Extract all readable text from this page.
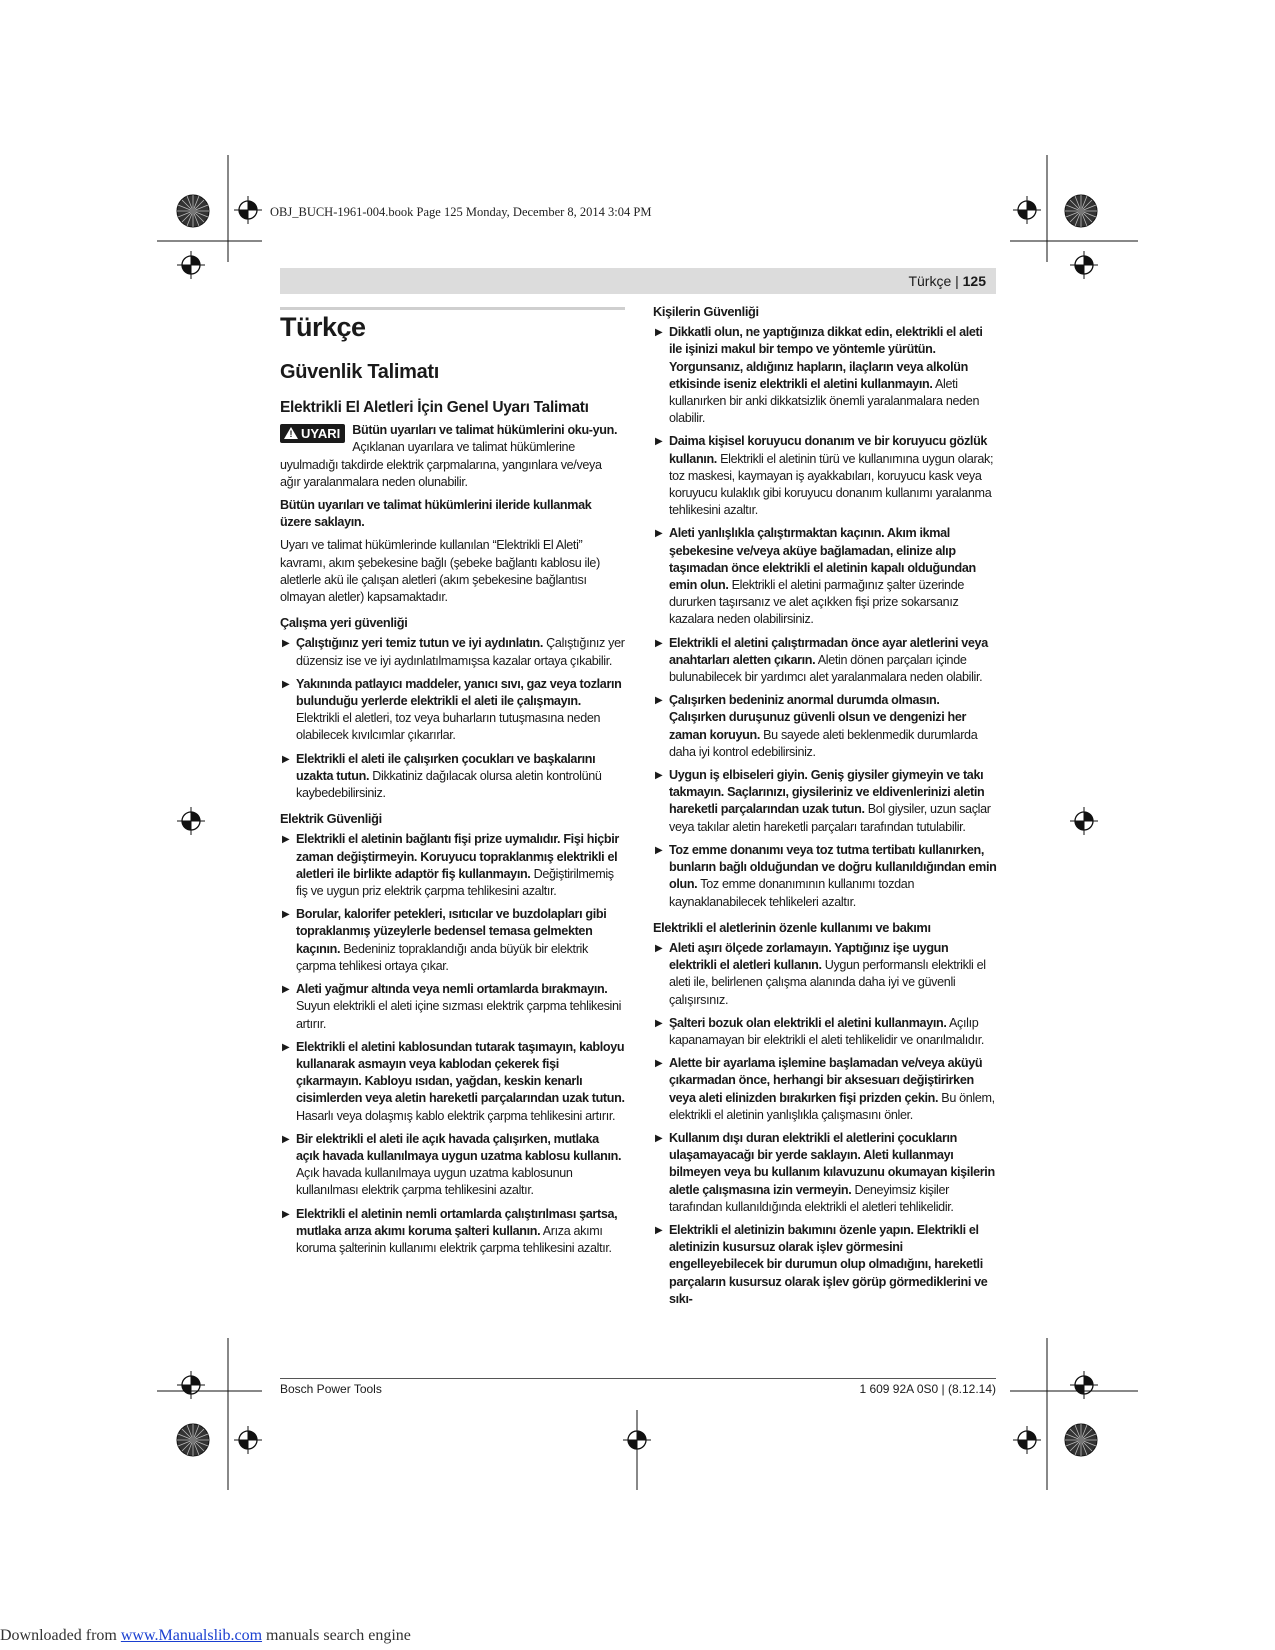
OBJ_BUCH-1961-004.book Page 125 Monday, December 8, 2014 3:04 PM
Türkçe | 125
Türkçe
Güvenlik Talimatı
Elektrikli El Aletleri İçin Genel Uyarı Talimatı

! UYARI Bütün uyarıları ve talimat hükümlerini oku-yun. Açıklanan uyarılara ve talimat hükümlerine uyulmadığı takdirde elektrik çarpmalarına, yangınlara ve/veya ağır yaralanmalara neden olunabilir.

Bütün uyarıları ve talimat hükümlerini ileride kullanmak üzere saklayın.

Uyarı ve talimat hükümlerinde kullanılan “Elektrikli El Aleti” kavramı, akım şebekesine bağlı (şebeke bağlantı kablosu ile) aletlerle akü ile çalışan aletleri (akım şebekesine bağlantısı olmayan aletler) kapsamaktadır.

Çalışma yeri güvenliği
▶ Çalıştığınız yeri temiz tutun ve iyi aydınlatın. Çalıştığınız yer düzensiz ise ve iyi aydınlatılmamışsa kazalar ortaya çıkabilir.
▶ Yakınında patlayıcı maddeler, yanıcı sıvı, gaz veya tozların bulunduğu yerlerde elektrikli el aleti ile çalışmayın. Elektrikli el aletleri, toz veya buharların tutuşmasına neden olabilecek kıvılcımlar çıkarırlar.
▶ Elektrikli el aleti ile çalışırken çocukları ve başkalarını uzakta tutun. Dikkatiniz dağılacak olursa aletin kontrolünü kaybedebilirsiniz.
Elektrik Güvenliği
▶ Elektrikli el aletinin bağlantı fişi prize uymalıdır. Fişi hiçbir zaman değiştirmeyin. Koruyucu topraklanmış elektrikli el aletleri ile birlikte adaptör fiş kullanmayın. Değiştirilmemiş fiş ve uygun priz elektrik çarpma tehlikesini azaltır.
▶ Borular, kalorifer petekleri, ısıtıcılar ve buzdolapları gibi topraklanmış yüzeylerle bedensel temasa gelmekten kaçının. Bedeniniz topraklandığı anda büyük bir elektrik çarpma tehlikesi ortaya çıkar.
▶ Aleti yağmur altında veya nemli ortamlarda bırakmayın. Suyun elektrikli el aleti içine sızması elektrik çarpma tehlikesini artırır.
▶ Elektrikli el aletini kablosundan tutarak taşımayın, kabloyu kullanarak asmayın veya kablodan çekerek fişi çıkarmayın. Kabloyu ısıdan, yağdan, keskin kenarlı cisimlerden veya aletin hareketli parçalarından uzak tutun. Hasarlı veya dolaşmış kablo elektrik çarpma tehlikesini artırır.
▶ Bir elektrikli el aleti ile açık havada çalışırken, mutlaka açık havada kullanılmaya uygun uzatma kablosu kullanın. Açık havada kullanılmaya uygun uzatma kablosunun kullanılması elektrik çarpma tehlikesini azaltır.
▶ Elektrikli el aletinin nemli ortamlarda çalıştırılması şartsa, mutlaka arıza akımı koruma şalteri kullanın. Arıza akımı koruma şalterinin kullanımı elektrik çarpma tehlikesini azaltır.
Kişilerin Güvenliği
▶ Dikkatli olun, ne yaptığınıza dikkat edin, elektrikli el aleti ile işinizi makul bir tempo ve yöntemle yürütün. Yorgunsanız, aldığınız hapların, ilaçların veya alkolün etkisinde iseniz elektrikli el aletini kullanmayın. Aleti kullanırken bir anki dikkatsizlik önemli yaralanmalara neden olabilir.
▶ Daima kişisel koruyucu donanım ve bir koruyucu gözlük kullanın. Elektrikli el aletinin türü ve kullanımına uygun olarak; toz maskesi, kaymayan iş ayakkabıları, koruyucu kask veya koruyucu kulaklık gibi koruyucu donanım kullanımı yaralanma tehlikesini azaltır.
▶ Aleti yanlışlıkla çalıştırmaktan kaçının. Akım ikmal şebekesine ve/veya aküye bağlamadan, elinize alıp taşımadan önce elektrikli el aletinin kapalı olduğundan emin olun. Elektrikli el aletini parmağınız şalter üzerinde dururken taşırsanız ve alet açıkken fişi prize sokarsanız kazalara neden olabilirsiniz.
▶ Elektrikli el aletini çalıştırmadan önce ayar aletlerini veya anahtarları aletten çıkarın. Aletin dönen parçaları içinde bulunabilecek bir yardımcı alet yaralanmalara neden olabilir.
▶ Çalışırken bedeniniz anormal durumda olmasın. Çalışırken duruşunuz güvenli olsun ve dengenizi her zaman koruyun. Bu sayede aleti beklenmedik durumlarda daha iyi kontrol edebilirsiniz.
▶ Uygun iş elbiseleri giyin. Geniş giysiler giymeyin ve takı takmayın. Saçlarınızı, giysileriniz ve eldivenlerinizi aletin hareketli parçalarından uzak tutun. Bol giysiler, uzun saçlar veya takılar aletin hareketli parçaları tarafından tutulabilir.
▶ Toz emme donanımı veya toz tutma tertibatı kullanırken, bunların bağlı olduğundan ve doğru kullanıldığından emin olun. Toz emme donanımının kullanımı tozdan kaynaklanabilecek tehlikeleri azaltır.
Elektrikli el aletlerinin özenle kullanımı ve bakımı
▶ Aleti aşırı ölçede zorlamayın. Yaptığınız işe uygun elektrikli el aletleri kullanın. Uygun performanslı elektrikli el aleti ile, belirlenen çalışma alanında daha iyi ve güvenli çalışırsınız.
▶ Şalteri bozuk olan elektrikli el aletini kullanmayın. Açılıp kapanamayan bir elektrikli el aleti tehlikelidir ve onarılmalıdır.
▶ Alette bir ayarlama işlemine başlamadan ve/veya aküyü çıkarmadan önce, herhangi bir aksesuarı değiştirirken veya aleti elinizden bırakırken fişi prizden çekin. Bu önlem, elektrikli el aletinin yanlışlıkla çalışmasını önler.
▶ Kullanım dışı duran elektrikli el aletlerini çocukların ulaşamayacağı bir yerde saklayın. Aleti kullanmayı bilmeyen veya bu kullanım kılavuzunu okumayan kişilerin aletle çalışmasına izin vermeyin. Deneyimsiz kişiler tarafından kullanıldığında elektrikli el aletleri tehlikelidir.
▶ Elektrikli el aletinizin bakımını özenle yapın. Elektrikli el aletinizin kusursuz olarak işlev görmesini engelleyebilecek bir durumun olup olmadığını, hareketli parçaların kusursuz olarak işlev görüp görmediklerini ve sıkı-
Bosch Power Tools	1 609 92A 0S0 | (8.12.14)
Downloaded from www.Manualslib.com manuals search engine
